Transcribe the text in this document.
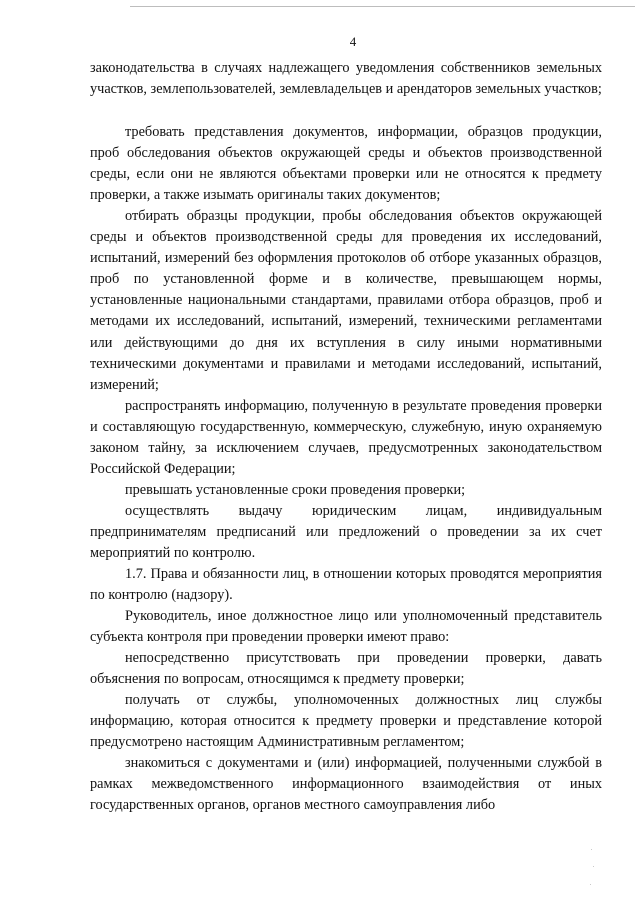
4

законодательства в случаях надлежащего уведомления собственников земельных участков, землепользователей, землевладельцев и арендаторов земельных участков;

требовать представления документов, информации, образцов продукции, проб обследования объектов окружающей среды и объектов производственной среды, если они не являются объектами проверки или не относятся к предмету проверки, а также изымать оригиналы таких документов;

отбирать образцы продукции, пробы обследования объектов окружающей среды и объектов производственной среды для проведения их исследований, испытаний, измерений без оформления протоколов об отборе указанных образцов, проб по установленной форме и в количестве, превышающем нормы, установленные национальными стандартами, правилами отбора образцов, проб и методами их исследований, испытаний, измерений, техническими регламентами или действующими до дня их вступления в силу иными нормативными техническими документами и правилами и методами исследований, испытаний, измерений;

распространять информацию, полученную в результате проведения проверки и составляющую государственную, коммерческую, служебную, иную охраняемую законом тайну, за исключением случаев, предусмотренных законодательством Российской Федерации;

превышать установленные сроки проведения проверки;

осуществлять выдачу юридическим лицам, индивидуальным предпринимателям предписаний или предложений о проведении за их счет мероприятий по контролю.

1.7. Права и обязанности лиц, в отношении которых проводятся мероприятия по контролю (надзору).

Руководитель, иное должностное лицо или уполномоченный представитель субъекта контроля при проведении проверки имеют право:

непосредственно присутствовать при проведении проверки, давать объяснения по вопросам, относящимся к предмету проверки;

получать от службы, уполномоченных должностных лиц службы информацию, которая относится к предмету проверки и представление которой предусмотрено настоящим Административным регламентом;

знакомиться с документами и (или) информацией, полученными службой в рамках межведомственного информационного взаимодействия от иных государственных органов, органов местного самоуправления либо
